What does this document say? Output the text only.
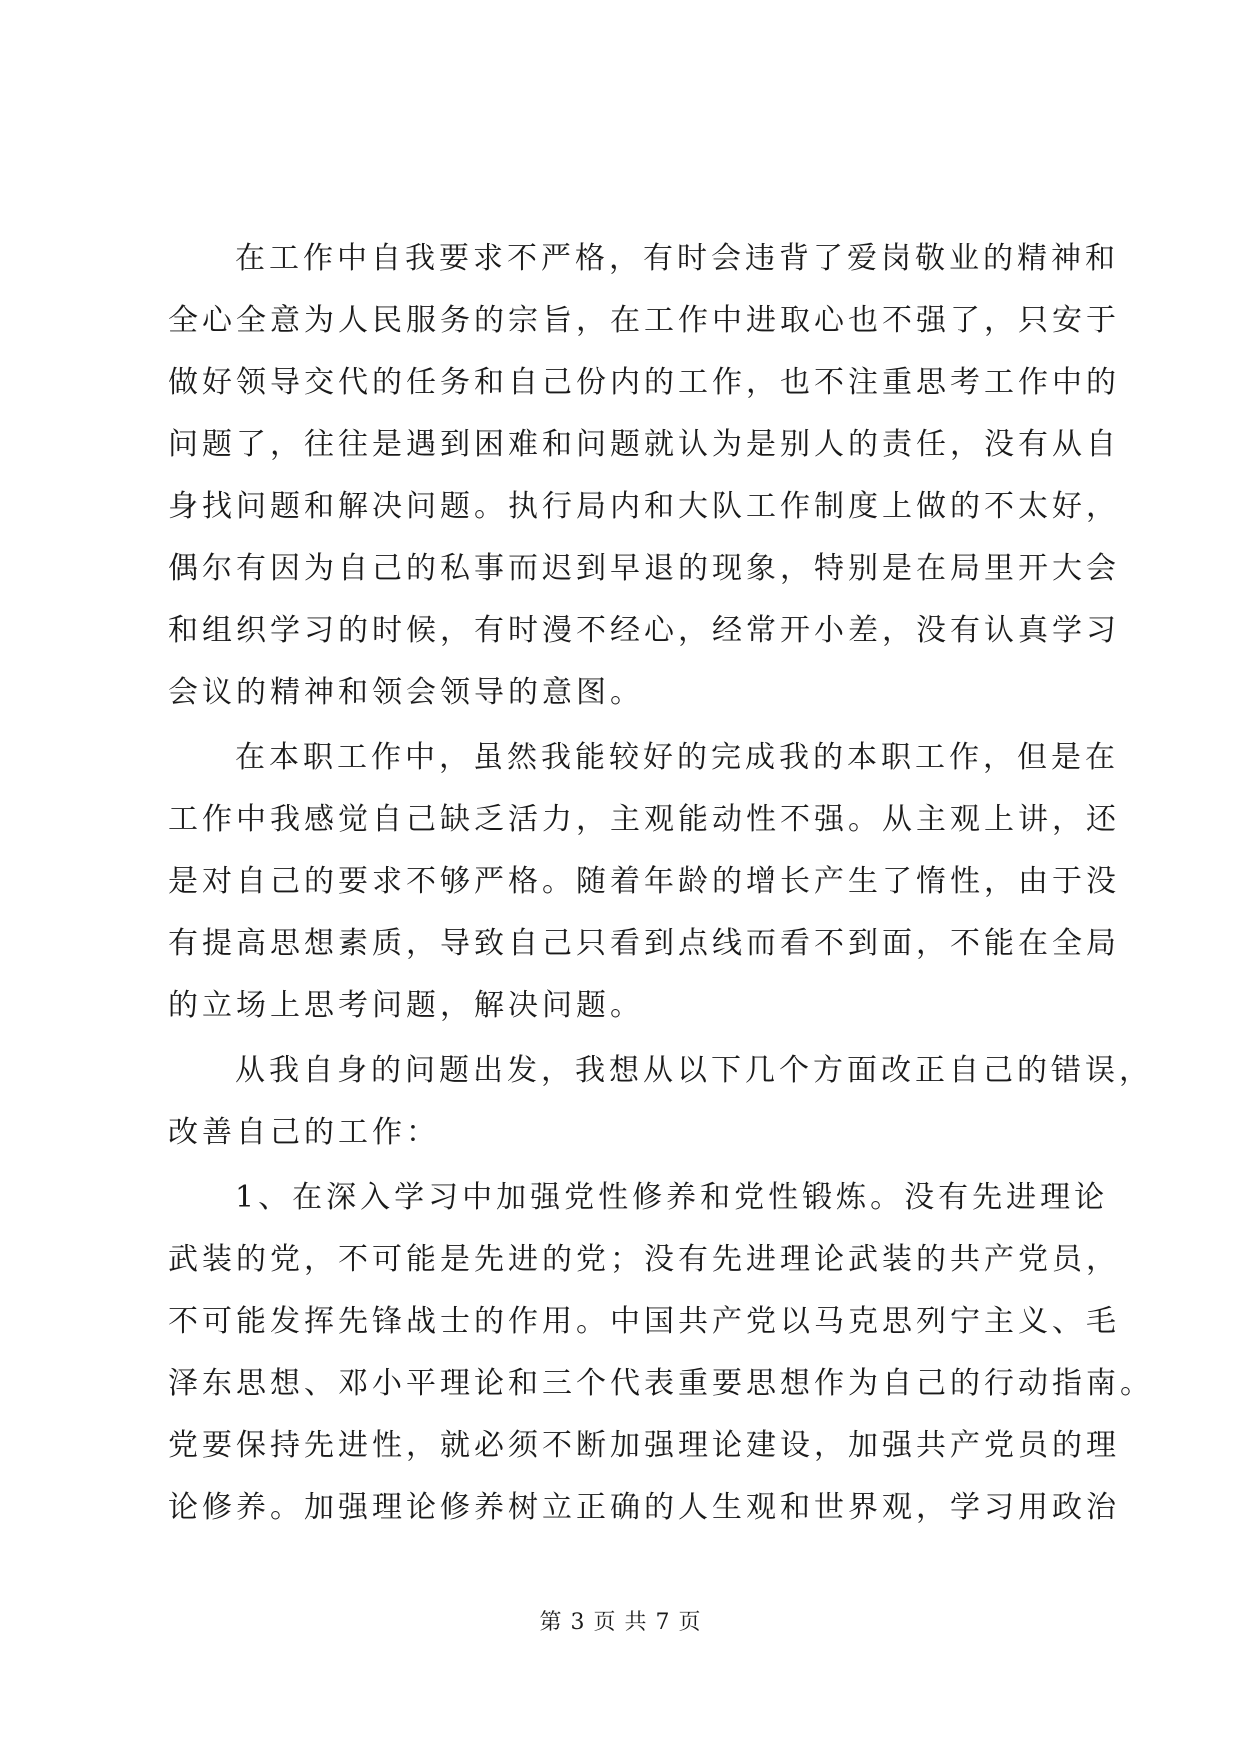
在工作中自我要求不严格，有时会违背了爱岗敬业的精神和
全心全意为人民服务的宗旨，在工作中进取心也不强了，只安于
做好领导交代的任务和自己份内的工作，也不注重思考工作中的
问题了，往往是遇到困难和问题就认为是别人的责任，没有从自
身找问题和解决问题。执行局内和大队工作制度上做的不太好，
偶尔有因为自己的私事而迟到早退的现象，特别是在局里开大会
和组织学习的时候，有时漫不经心，经常开小差，没有认真学习
会议的精神和领会领导的意图。
在本职工作中，虽然我能较好的完成我的本职工作，但是在
工作中我感觉自己缺乏活力，主观能动性不强。从主观上讲，还
是对自己的要求不够严格。随着年龄的增长产生了惰性，由于没
有提高思想素质，导致自己只看到点线而看不到面，不能在全局
的立场上思考问题，解决问题。
从我自身的问题出发，我想从以下几个方面改正自己的错误，
改善自己的工作：
1、在深入学习中加强党性修养和党性锻炼。没有先进理论
武装的党，不可能是先进的党；没有先进理论武装的共产党员，
不可能发挥先锋战士的作用。中国共产党以马克思列宁主义、毛
泽东思想、邓小平理论和三个代表重要思想作为自己的行动指南。
党要保持先进性，就必须不断加强理论建设，加强共产党员的理
论修养。加强理论修养树立正确的人生观和世界观，学习用政治
第 3 页 共 7 页
